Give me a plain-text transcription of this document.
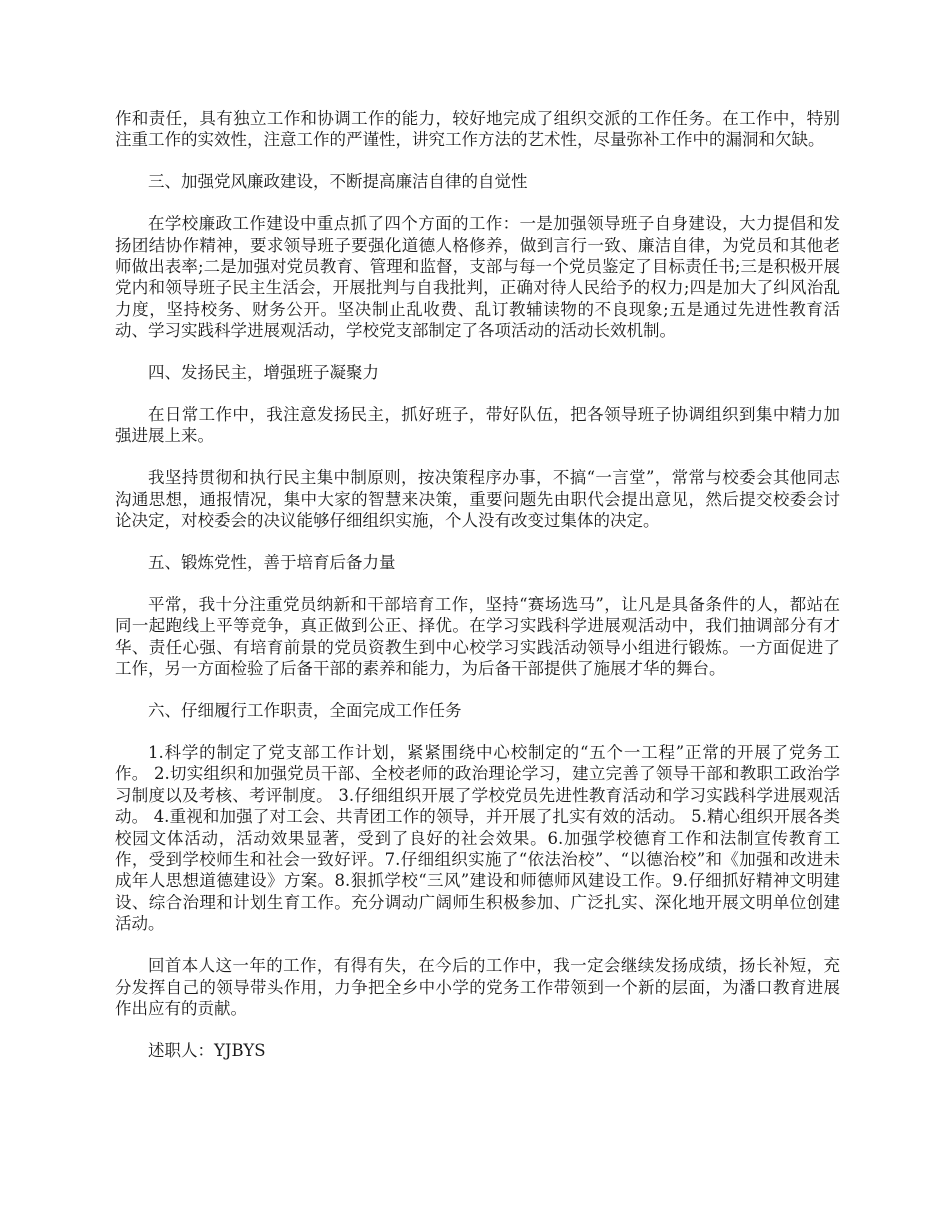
作和责任，具有独立工作和协调工作的能力，较好地完成了组织交派的工作任务。在工作中，特别注重工作的实效性，注意工作的严谨性，讲究工作方法的艺术性，尽量弥补工作中的漏洞和欠缺。

三、加强党风廉政建设，不断提高廉洁自律的自觉性

在学校廉政工作建设中重点抓了四个方面的工作：一是加强领导班子自身建设，大力提倡和发扬团结协作精神，要求领导班子要强化道德人格修养，做到言行一致、廉洁自律，为党员和其他老师做出表率;二是加强对党员教育、管理和监督，支部与每一个党员鉴定了目标责任书;三是积极开展党内和领导班子民主生活会，开展批判与自我批判，正确对待人民给予的权力;四是加大了纠风治乱力度，坚持校务、财务公开。坚决制止乱收费、乱订教辅读物的不良现象;五是通过先进性教育活动、学习实践科学进展观活动，学校党支部制定了各项活动的活动长效机制。

四、发扬民主，增强班子凝聚力

在日常工作中，我注意发扬民主，抓好班子，带好队伍，把各领导班子协调组织到集中精力加强进展上来。

我坚持贯彻和执行民主集中制原则，按决策程序办事，不搞“一言堂”，常常与校委会其他同志沟通思想，通报情况，集中大家的智慧来决策，重要问题先由职代会提出意见，然后提交校委会讨论决定，对校委会的决议能够仔细组织实施，个人没有改变过集体的决定。

五、锻炼党性，善于培育后备力量

平常，我十分注重党员纳新和干部培育工作，坚持“赛场选马”，让凡是具备条件的人，都站在同一起跑线上平等竞争，真正做到公正、择优。在学习实践科学进展观活动中，我们抽调部分有才华、责任心强、有培育前景的党员资教生到中心校学习实践活动领导小组进行锻炼。一方面促进了工作，另一方面检验了后备干部的素养和能力，为后备干部提供了施展才华的舞台。

六、仔细履行工作职责，全面完成工作任务

1.科学的制定了党支部工作计划，紧紧围绕中心校制定的“五个一工程”正常的开展了党务工作。 2.切实组织和加强党员干部、全校老师的政治理论学习，建立完善了领导干部和教职工政治学习制度以及考核、考评制度。 3.仔细组织开展了学校党员先进性教育活动和学习实践科学进展观活动。 4.重视和加强了对工会、共青团工作的领导，并开展了扎实有效的活动。 5.精心组织开展各类校园文体活动，活动效果显著，受到了良好的社会效果。6.加强学校德育工作和法制宣传教育工作，受到学校师生和社会一致好评。7.仔细组织实施了“依法治校”、“以德治校”和《加强和改进未成年人思想道德建设》方案。8.狠抓学校“三风”建设和师德师风建设工作。9.仔细抓好精神文明建设、综合治理和计划生育工作。充分调动广阔师生积极参加、广泛扎实、深化地开展文明单位创建活动。

回首本人这一年的工作，有得有失，在今后的工作中，我一定会继续发扬成绩，扬长补短，充分发挥自己的领导带头作用，力争把全乡中小学的党务工作带领到一个新的层面，为潘口教育进展作出应有的贡献。

述职人：YJBYS
